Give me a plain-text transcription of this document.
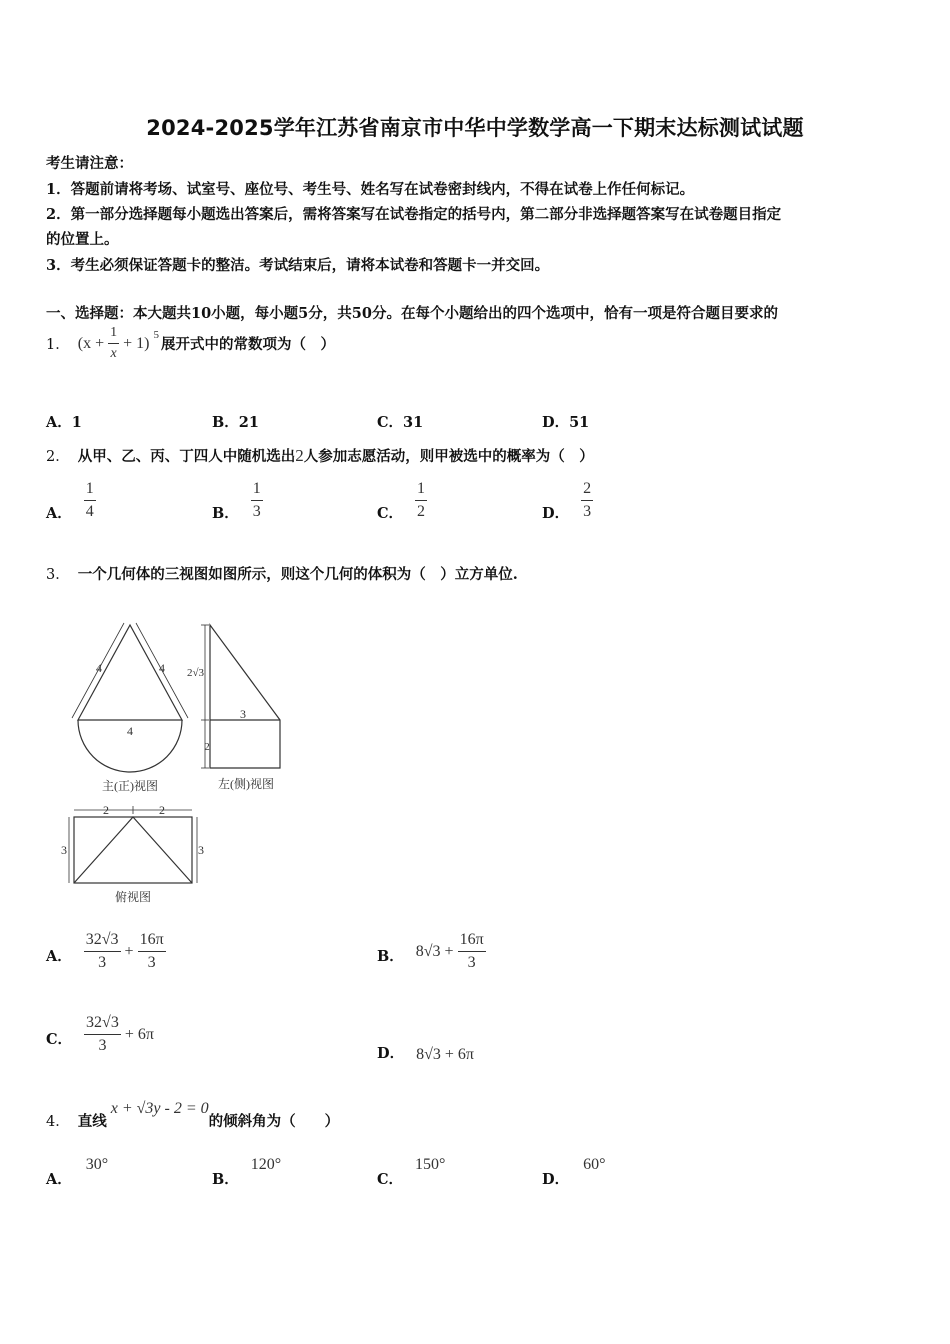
2024-2025学年江苏省南京市中华中学数学高一下期末达标测试试题
考生请注意：
1．答题前请将考场、试室号、座位号、考生号、姓名写在试卷密封线内，不得在试卷上作任何标记。
2．第一部分选择题每小题选出答案后，需将答案写在试卷指定的括号内，第二部分非选择题答案写在试卷题目指定
的位置上。
3．考生必须保证答题卡的整洁。考试结束后，请将本试卷和答题卡一并交回。
一、选择题：本大题共10小题，每小题5分，共50分。在每个小题给出的四个选项中，恰有一项是符合题目要求的
1． $(x + \frac{1}{x} + 1)$ 5
展开式中的常数项为（　）
A．1	B．21	C．31	D．51
2． 从甲、乙、丙、丁四人中随机选出2人参加志愿活动，则甲被选中的概率为（　）
A． $\frac{1}{4}$	B． $\frac{1}{3}$	C． $\frac{1}{2}$	D． $\frac{2}{3}$
3． 一个几何体的三视图如图所示，则这个几何的体积为（　）立方单位.
4	4
4
2√3
3
2
主(正)视图	左(侧)视图
2	2
3	3
俯视图
A． $\frac{32√3}{3} + \frac{16\pi}{3}$	B． $8√3 + \frac{16\pi}{3}$
C． $\frac{32√3}{3} + 6\pi$
D． 8√3 + 6π
4． 直线
x + √3y - 2 = 0
的倾斜角为（　　）
A．
30°
B．
120°
C．
150°
D．
60°
